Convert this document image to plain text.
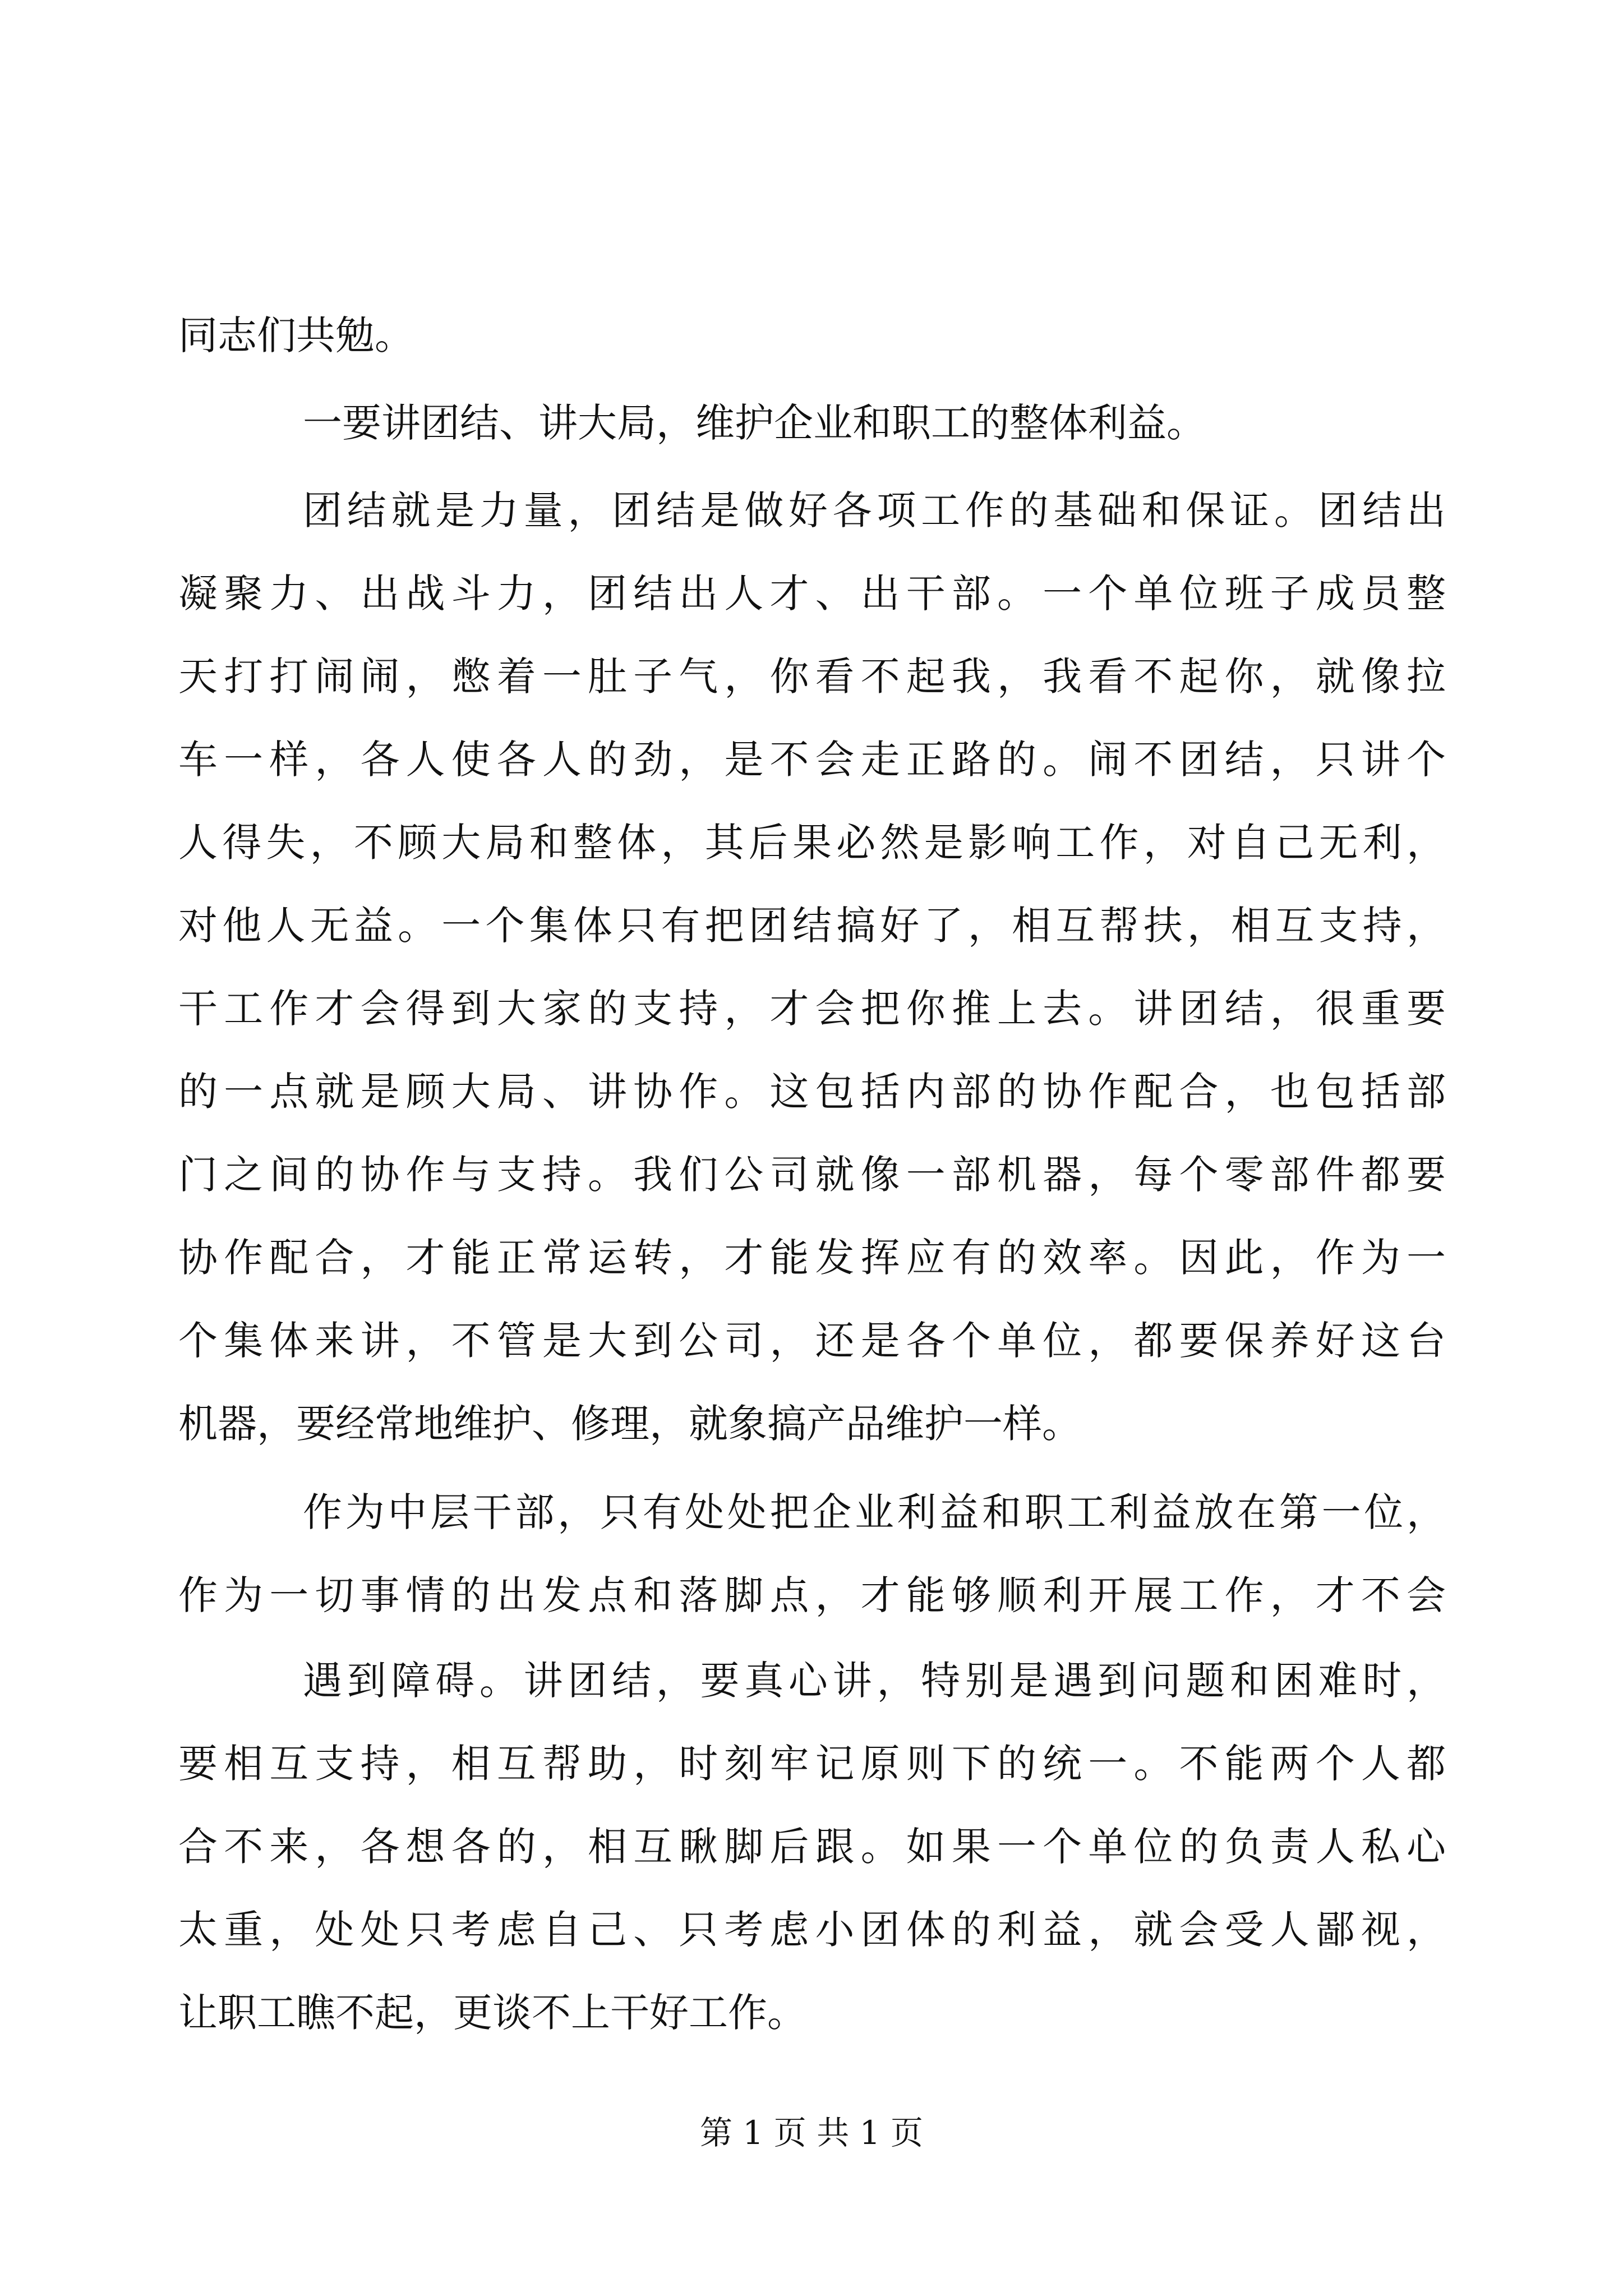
同志们共勉。
一要讲团结、讲大局，维护企业和职工的整体利益。
团结就是力量，团结是做好各项工作的基础和保证。团结出
凝聚力、出战斗力，团结出人才、出干部。一个单位班子成员整
天打打闹闹，憋着一肚子气，你看不起我，我看不起你，就像拉
车一样，各人使各人的劲，是不会走正路的。闹不团结，只讲个
人得失，不顾大局和整体，其后果必然是影响工作，对自己无利，
对他人无益。一个集体只有把团结搞好了，相互帮扶，相互支持，
干工作才会得到大家的支持，才会把你推上去。讲团结，很重要
的一点就是顾大局、讲协作。这包括内部的协作配合，也包括部
门之间的协作与支持。我们公司就像一部机器，每个零部件都要
协作配合，才能正常运转，才能发挥应有的效率。因此，作为一
个集体来讲，不管是大到公司，还是各个单位，都要保养好这台
机器，要经常地维护、修理，就象搞产品维护一样。
作为中层干部，只有处处把企业利益和职工利益放在第一位，
作为一切事情的出发点和落脚点，才能够顺利开展工作，才不会
遇到障碍。讲团结，要真心讲，特别是遇到问题和困难时，
要相互支持，相互帮助，时刻牢记原则下的统一。不能两个人都
合不来，各想各的，相互瞅脚后跟。如果一个单位的负责人私心
太重，处处只考虑自己、只考虑小团体的利益，就会受人鄙视，
让职工瞧不起，更谈不上干好工作。
第 1 页 共 1 页
